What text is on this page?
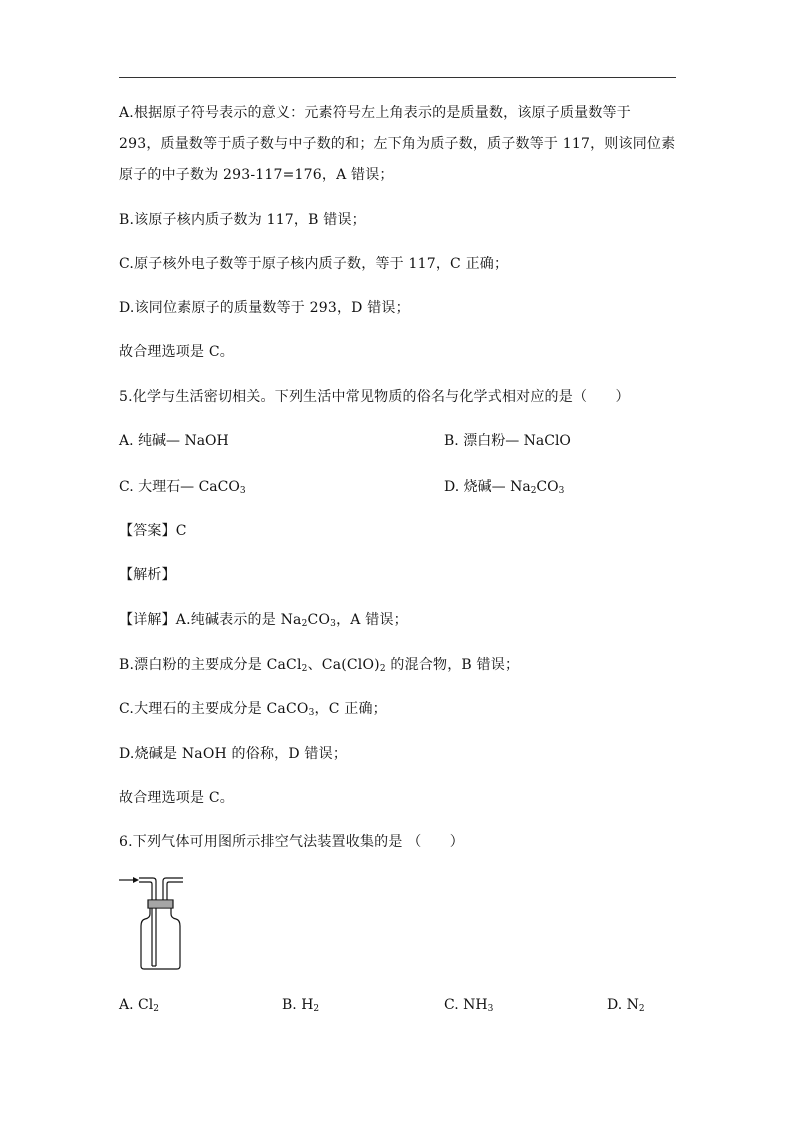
A.根据原子符号表示的意义：元素符号左上角表示的是质量数，该原子质量数等于 293，质量数等于质子数与中子数的和；左下角为质子数，质子数等于 117，则该同位素原子的中子数为 293-117=176，A 错误；
B.该原子核内质子数为 117，B 错误；
C.原子核外电子数等于原子核内质子数，等于 117，C 正确；
D.该同位素原子的质量数等于 293，D 错误；
故合理选项是 C。
5.化学与生活密切相关。下列生活中常见物质的俗名与化学式相对应的是（　　）
A. 纯碱— NaOH	B. 漂白粉— NaClO
C. 大理石— CaCO$_3$	D. 烧碱— $Na_2CO_3$
【答案】C
【解析】
【详解】A.纯碱表示的是 $Na_2CO_3$，A 错误；
B.漂白粉的主要成分是 CaCl$_2$、$Ca(ClO)_2$ 的混合物，B 错误；
C.大理石的主要成分是 CaCO$_3$，C 正确；
D.烧碱是 NaOH 的俗称，D 错误；
故合理选项是 C。
6.下列气体可用图所示排空气法装置收集的是 （　　）
A. $Cl_2$	B. $H_2$	C. $NH_3$	D. $N_2$
